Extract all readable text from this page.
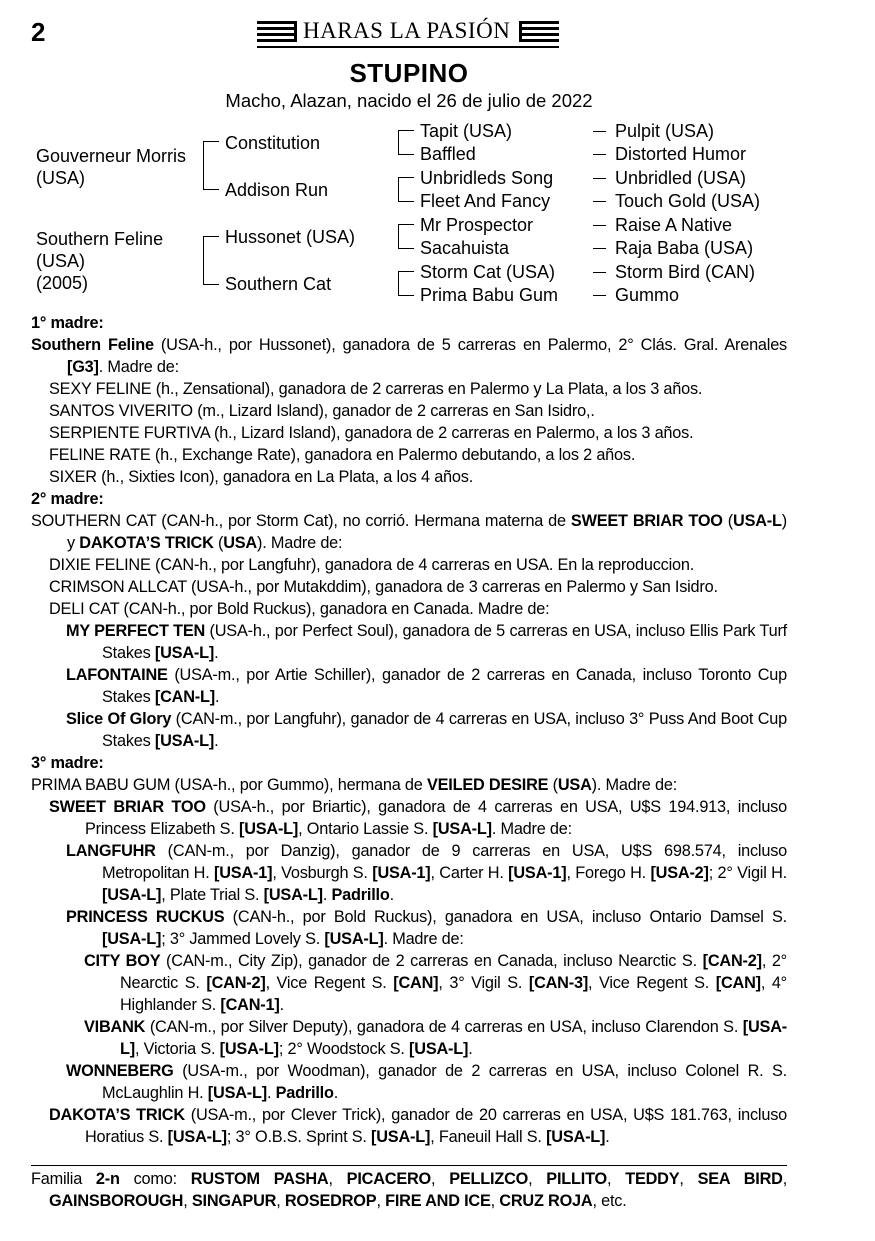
2	HARAS LA PASIÓN
STUPINO
Macho, Alazan, nacido el 26 de julio de 2022
Gouverneur Morris
(USA)
Southern Feline
(USA)
(2005)
Constitution
Addison Run
Hussonet (USA)
Southern Cat
Tapit (USA)
Baffled
Unbridleds Song
Fleet And Fancy
Mr Prospector
Sacahuista
Storm Cat (USA)
Prima Babu Gum
Pulpit (USA)
Distorted Humor
Unbridled (USA)
Touch Gold (USA)
Raise A Native
Raja Baba (USA)
Storm Bird (CAN)
Gummo

1° madre:

Southern Feline (USA-h., por Hussonet), ganadora de 5 carreras en Palermo, 2° Clás. Gral. Arenales [G3]. Madre de:

SEXY FELINE (h., Zensational), ganadora de 2 carreras en Palermo y La Plata, a los 3 años.

SANTOS VIVERITO (m., Lizard Island), ganador de 2 carreras en San Isidro,.

SERPIENTE FURTIVA (h., Lizard Island), ganadora de 2 carreras en Palermo, a los 3 años.

FELINE RATE (h., Exchange Rate), ganadora en Palermo debutando, a los 2 años.

SIXER (h., Sixties Icon), ganadora en La Plata, a los 4 años.

2° madre:

SOUTHERN CAT (CAN-h., por Storm Cat), no corrió. Hermana materna de SWEET BRIAR TOO (USA-L) y DAKOTA’S TRICK (USA). Madre de:

DIXIE FELINE (CAN-h., por Langfuhr), ganadora de 4 carreras en USA. En la reproduccion.

CRIMSON ALLCAT (USA-h., por Mutakddim), ganadora de 3 carreras en Palermo y San Isidro.

DELI CAT (CAN-h., por Bold Ruckus), ganadora en Canada. Madre de:

MY PERFECT TEN (USA-h., por Perfect Soul), ganadora de 5 carreras en USA, incluso Ellis Park Turf Stakes [USA-L].

LAFONTAINE (USA-m., por Artie Schiller), ganador de 2 carreras en Canada, incluso Toronto Cup Stakes [CAN-L].

Slice Of Glory (CAN-m., por Langfuhr), ganador de 4 carreras en USA, incluso 3° Puss And Boot Cup Stakes [USA-L].

3° madre:

PRIMA BABU GUM (USA-h., por Gummo), hermana de VEILED DESIRE (USA). Madre de:

SWEET BRIAR TOO (USA-h., por Briartic), ganadora de 4 carreras en USA, U$S 194.913, incluso Princess Elizabeth S. [USA-L], Ontario Lassie S. [USA-L]. Madre de:

LANGFUHR (CAN-m., por Danzig), ganador de 9 carreras en USA, U$S 698.574, incluso Metropolitan H. [USA-1], Vosburgh S. [USA-1], Carter H. [USA-1], Forego H. [USA-2]; 2° Vigil H. [USA-L], Plate Trial S. [USA-L]. Padrillo.

PRINCESS RUCKUS (CAN-h., por Bold Ruckus), ganadora en USA, incluso Ontario Damsel S. [USA-L]; 3° Jammed Lovely S. [USA-L]. Madre de:

CITY BOY (CAN-m., City Zip), ganador de 2 carreras en Canada, incluso Nearctic S. [CAN-2], 2° Nearctic S. [CAN-2], Vice Regent S. [CAN], 3° Vigil S. [CAN-3], Vice Regent S. [CAN], 4° Highlander S. [CAN-1].

VIBANK (CAN-m., por Silver Deputy), ganadora de 4 carreras en USA, incluso Clarendon S. [USA-L], Victoria S. [USA-L]; 2° Woodstock S. [USA-L].

WONNEBERG (USA-m., por Woodman), ganador de 2 carreras en USA, incluso Colonel R. S. McLaughlin H. [USA-L]. Padrillo.

DAKOTA’S TRICK (USA-m., por Clever Trick), ganador de 20 carreras en USA, U$S 181.763, incluso Horatius S. [USA-L]; 3° O.B.S. Sprint S. [USA-L], Faneuil Hall S. [USA-L].

Familia 2-n como: RUSTOM PASHA, PICACERO, PELLIZCO, PILLITO, TEDDY, SEA BIRD, GAINSBOROUGH, SINGAPUR, ROSEDROP, FIRE AND ICE, CRUZ ROJA, etc.
